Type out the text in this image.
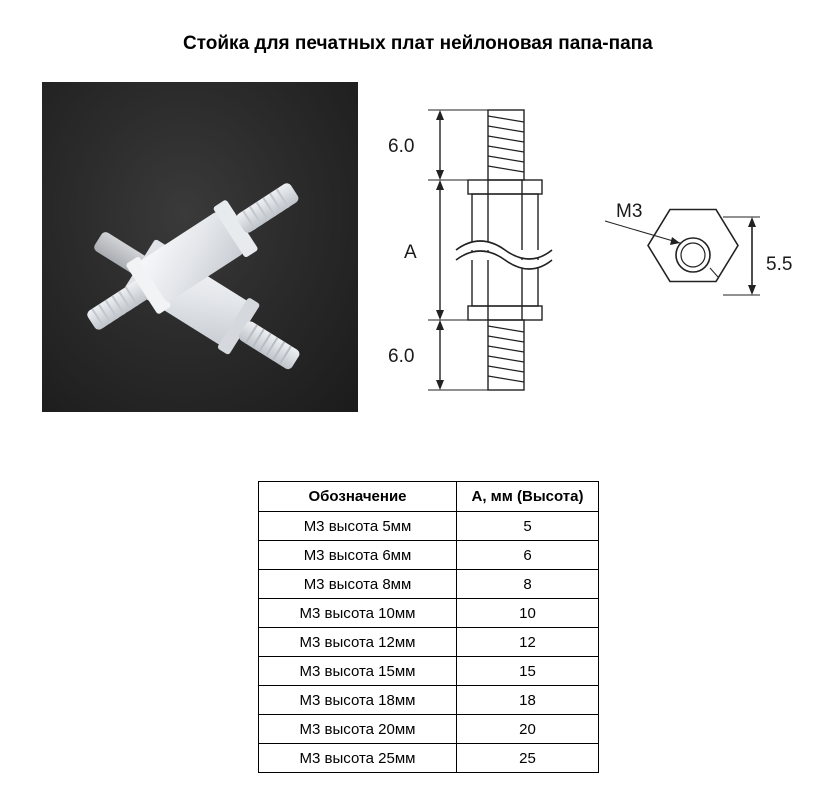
Стойка для печатных плат нейлоновая папа-папа
6.0
A
6.0
M3
5.5
Обозначение	А, мм (Высота)
М3 высота 5мм	5
М3 высота 6мм	6
М3 высота 8мм	8
М3 высота 10мм	10
М3 высота 12мм	12
М3 высота 15мм	15
М3 высота 18мм	18
М3 высота 20мм	20
М3 высота 25мм	25
